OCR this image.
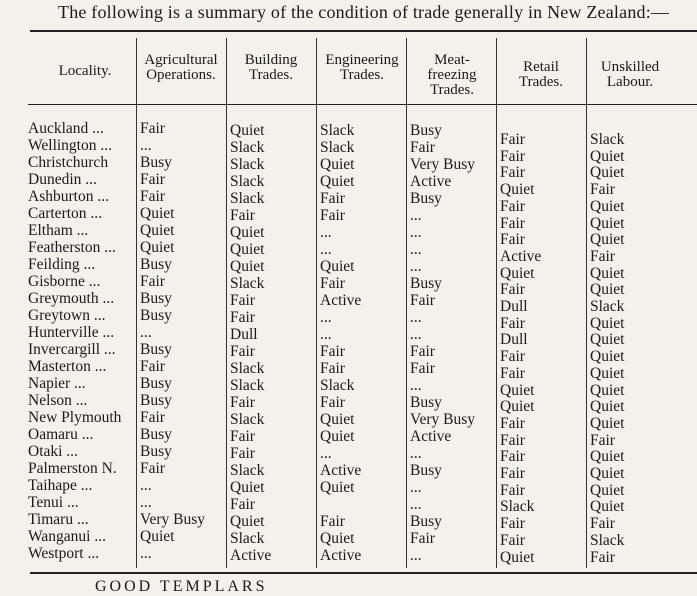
The following is a summary of the condition of trade generally in New Zealand:—
Locality.
Agricultural Operations.
Building Trades.
Engineering Trades.
Meat-freezing Trades.
Retail Trades.
Unskilled Labour.
Auckland ...
Wellington ...
Christchurch
Dunedin ...
Ashburton ...
Carterton ...
Eltham ...
Featherston ...
Feilding ...
Gisborne ...
Greymouth ...
Greytown ...
Hunterville ...
Invercargill ...
Masterton ...
Napier ...
Nelson ...
New Plymouth
Oamaru ...
Otaki ...
Palmerston N.
Taihape ...
Tenui ...
Timaru ...
Wanganui ...
Westport ...
Fair
...
Busy
Fair
Fair
Quiet
Quiet
Quiet
Busy
Fair
Busy
Busy
...
Busy
Fair
Busy
Busy
Fair
Busy
Busy
Fair
...
...
Very Busy
Quiet
...
Quiet
Slack
Slack
Slack
Slack
Fair
Quiet
Quiet
Quiet
Slack
Fair
Fair
Dull
Fair
Slack
Slack
Fair
Slack
Fair
Fair
Slack
Quiet
Fair
Quiet
Slack
Active
Slack
Slack
Quiet
Quiet
Fair
Fair
...
...
Quiet
Fair
Active
...
...
Fair
Fair
Slack
Fair
Quiet
Quiet
...
Active
Quiet
Fair
Quiet
Active
Busy
Fair
Very Busy
Active
Busy
...
...
...
...
Busy
Fair
...
...
Fair
Fair
...
Busy
Very Busy
Active
...
Busy
...
...
Busy
Fair
...
Fair
Fair
Fair
Quiet
Fair
Fair
Fair
Active
Quiet
Fair
Dull
Fair
Dull
Fair
Fair
Quiet
Quiet
Fair
Fair
Fair
Fair
Fair
Slack
Fair
Fair
Quiet
Slack
Quiet
Quiet
Fair
Quiet
Quiet
Quiet
Fair
Quiet
Quiet
Slack
Quiet
Quiet
Quiet
Quiet
Quiet
Quiet
Quiet
Fair
Quiet
Quiet
Quiet
Quiet
Fair
Slack
Fair
GOOD TEMPLARS
